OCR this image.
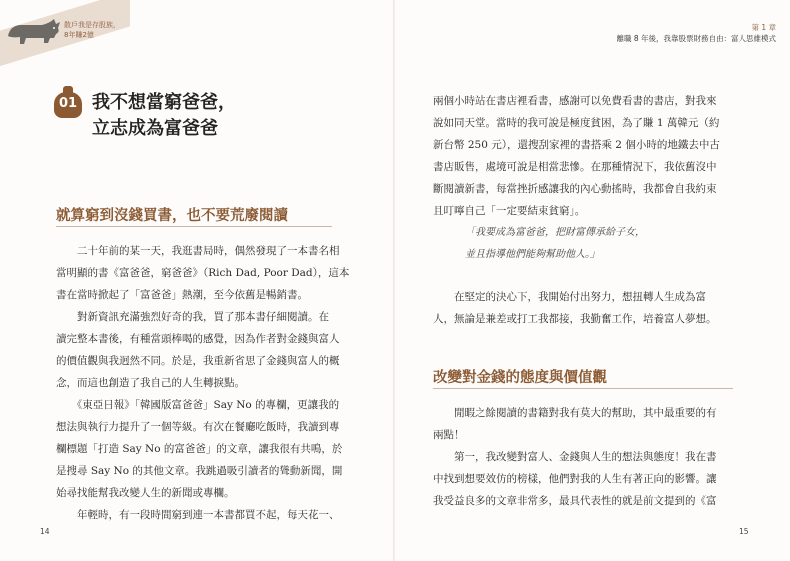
散戶我是存股族，
8年賺2億
01 我不想當窮爸爸，
立志成為富爸爸
就算窮到沒錢買書，也不要荒廢閱讀

　　二十年前的某一天，我逛書局時，偶然發現了一本書名相

當明顯的書《富爸爸，窮爸爸》（Rich Dad, Poor Dad），這本

書在當時掀起了「富爸爸」熱潮，至今依舊是暢銷書。

　　對新資訊充滿強烈好奇的我，買了那本書仔細閱讀。在

讀完整本書後，有種當頭棒喝的感覺，因為作者對金錢與富人

的價值觀與我迥然不同。於是，我重新省思了金錢與富人的概

念，而這也創造了我自己的人生轉捩點。

　　《東亞日報》「韓國版富爸爸」Say No 的專欄，更讓我的

想法與執行力提升了一個等級。有次在餐廳吃飯時，我讀到專

欄標題「打造 Say No 的富爸爸」的文章，讓我很有共鳴，於

是搜尋 Say No 的其他文章。我跳過吸引讀者的聳動新聞，開

始尋找能幫我改變人生的新聞或專欄。

　　年輕時，有一段時間窮到連一本書都買不起，每天花一、

14
第 1 章
離職 8 年後，我靠股票財務自由：富人思維模式

兩個小時站在書店裡看書，感謝可以免費看書的書店，對我來

說如同天堂。當時的我可說是極度貧困，為了賺 1 萬韓元（約

新台幣 250 元），還搜刮家裡的書搭乘 2 個小時的地鐵去中古

書店販售，處境可說是相當悲慘。在那種情況下，我依舊沒中

斷閱讀新書，每當挫折感讓我的內心動搖時，我都會自我約束

且叮嚀自己「一定要結束貧窮」。

「我要成為富爸爸，把財富傳承給子女，
並且指導他們能夠幫助他人。」

　　在堅定的決心下，我開始付出努力，想扭轉人生成為富

人，無論是兼差或打工我都接，我勤奮工作，培養富人夢想。

改變對金錢的態度與價值觀

　　閒暇之餘閱讀的書籍對我有莫大的幫助，其中最重要的有

兩點！

　　第一，我改變對富人、金錢與人生的想法與態度！我在書

中找到想要效仿的榜樣，他們對我的人生有著正向的影響。讓

我受益良多的文章非常多，最具代表性的就是前文提到的《富

15
